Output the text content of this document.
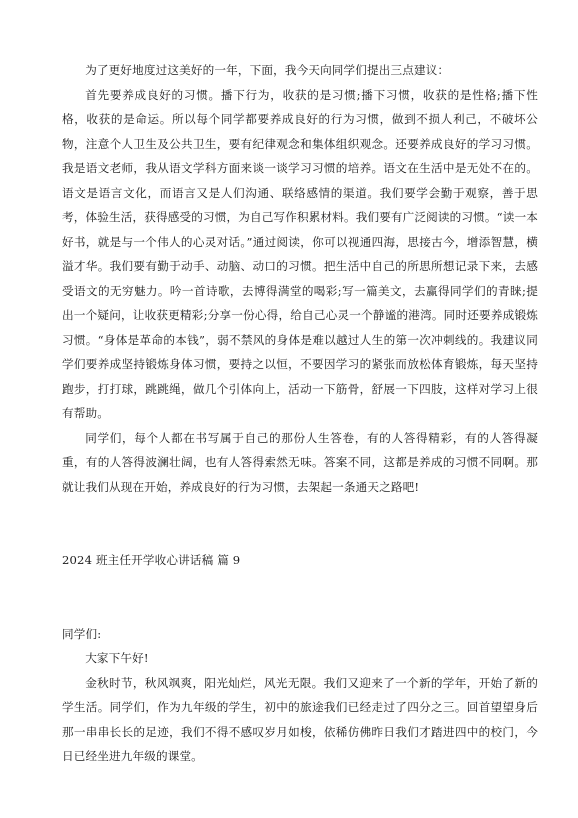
为了更好地度过这美好的一年，下面，我今天向同学们提出三点建议：

首先要养成良好的习惯。播下行为，收获的是习惯;播下习惯，收获的是性格;播下性格，收获的是命运。所以每个同学都要养成良好的行为习惯，做到不损人利己，不破坏公物，注意个人卫生及公共卫生，要有纪律观念和集体组织观念。还要养成良好的学习习惯。我是语文老师，我从语文学科方面来谈一谈学习习惯的培养。语文在生活中是无处不在的。语文是语言文化，而语言又是人们沟通、联络感情的渠道。我们要学会勤于观察，善于思考，体验生活，获得感受的习惯，为自己写作积累材料。我们要有广泛阅读的习惯。“读一本好书，就是与一个伟人的心灵对话。”通过阅读，你可以视通四海，思接古今，增添智慧，横溢才华。我们要有勤于动手、动脑、动口的习惯。把生活中自己的所思所想记录下来，去感受语文的无穷魅力。吟一首诗歌，去博得满堂的喝彩;写一篇美文，去赢得同学们的青睐;提出一个疑问，让收获更精彩;分享一份心得，给自己心灵一个静谧的港湾。同时还要养成锻炼习惯。“身体是革命的本钱”，弱不禁风的身体是难以越过人生的第一次冲刺线的。我建议同学们要养成坚持锻炼身体习惯，要持之以恒，不要因学习的紧张而放松体育锻炼，每天坚持跑步，打打球，跳跳绳，做几个引体向上，活动一下筋骨，舒展一下四肢，这样对学习上很有帮助。

同学们，每个人都在书写属于自己的那份人生答卷，有的人答得精彩，有的人答得凝重，有的人答得波澜壮阔，也有人答得索然无味。答案不同，这都是养成的习惯不同啊。那就让我们从现在开始，养成良好的行为习惯，去架起一条通天之路吧!

2024 班主任开学收心讲话稿 篇 9

同学们:

大家下午好!

金秋时节，秋风飒爽，阳光灿烂，风光无限。我们又迎来了一个新的学年，开始了新的学生活。同学们，作为九年级的学生，初中的旅途我们已经走过了四分之三。回首望望身后那一串串长长的足迹，我们不得不感叹岁月如梭，依稀仿佛昨日我们才踏进四中的校门，今日已经坐进九年级的课堂。
